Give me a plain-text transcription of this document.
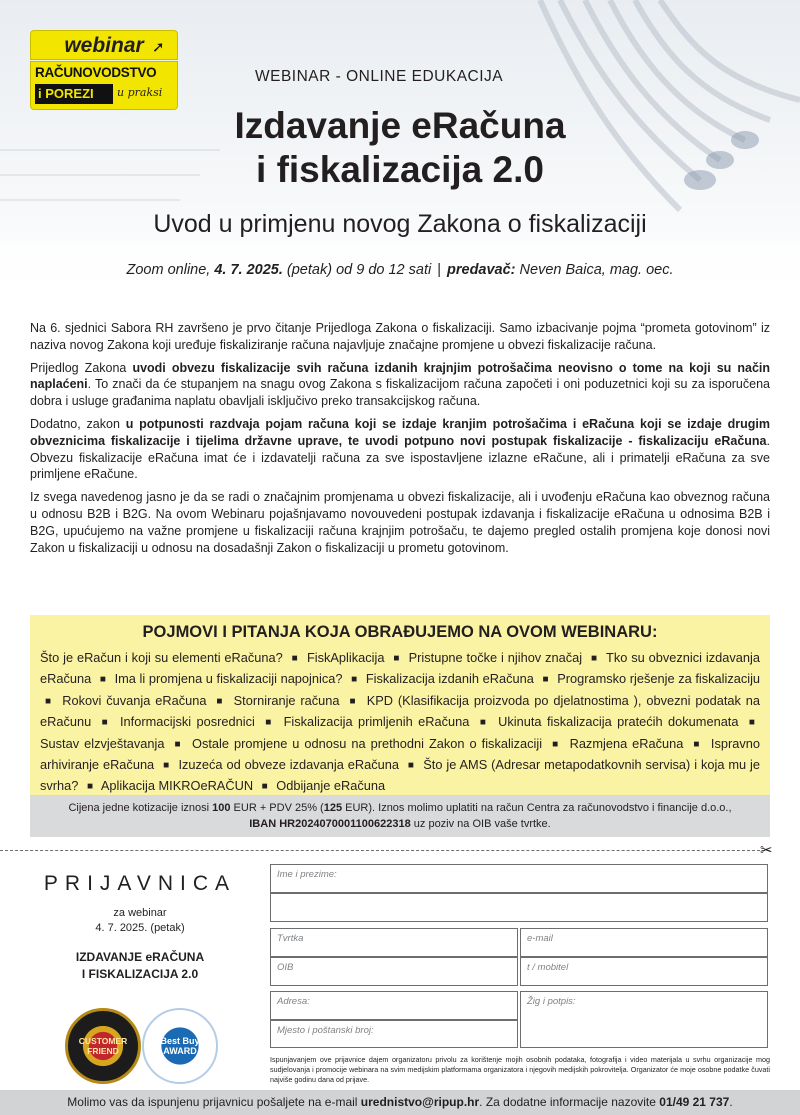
webinar ➚
RAČUNOVODSTVO
i POREZI	u praksi
WEBINAR - ONLINE EDUKACIJA
Izdavanje eRačuna
i fiskalizacija 2.0
Uvod u primjenu novog Zakona o fiskalizaciji
Zoom online, 4. 7. 2025. (petak) od 9 do 12 sati | predavač: Neven Baica, mag. oec.

Na 6. sjednici Sabora RH završeno je prvo čitanje Prijedloga Zakona o fiskalizaciji. Samo izbacivanje pojma “prometa gotovinom” iz naziva novog Zakona koji uređuje fiskaliziranje računa najavljuje značajne promjene u obvezi fiskalizacije računa.

Prijedlog Zakona uvodi obvezu fiskalizacije svih računa izdanih krajnjim potrošačima neovisno o tome na koji su način naplaćeni. To znači da će stupanjem na snagu ovog Zakona s fiskalizacijom računa započeti i oni poduzetnici koji su za isporučena dobra i usluge građanima naplatu obavljali isključivo preko transakcijskog računa.

Dodatno, zakon u potpunosti razdvaja pojam računa koji se izdaje kranjim potrošačima i eRačuna koji se izdaje drugim obveznicima fiskalizacije i tijelima državne uprave, te uvodi potpuno novi postupak fiskalizacije - fiskalizaciju eRačuna. Obvezu fiskalizacije eRačuna imat će i izdavatelji računa za sve ispostavljene izlazne eRačune, ali i primatelji eRačuna za sve primljene eRačune.

Iz svega navedenog jasno je da se radi o značajnim promjenama u obvezi fiskalizacije, ali i uvođenju eRačuna kao obveznog računa u odnosu B2B i B2G. Na ovom Webinaru pojašnjavamo novouvedeni postupak izdavanja i fiskalizacije eRačuna u odnosima B2B i B2G, upućujemo na važne promjene u fiskalizaciji računa krajnjim potrošaču, te dajemo pregled ostalih promjena koje donosi novi Zakon u fiskalizaciji u odnosu na dosadašnji Zakon o fiskalizaciji u prometu gotovinom.

POJMOVI I PITANJA KOJA OBRAĐUJEMO NA OVOM WEBINARU:
Što je eRačun i koji su elementi eRačuna? ■ FiskAplikacija ■ Pristupne točke i njihov značaj ■ Tko su obveznici izdavanja eRačuna ■ Ima li promjena u fiskalizaciji napojnica? ■ Fiskalizacija izdanih eRačuna ■ Programsko rješenje za fiskalizaciju ■ Rokovi čuvanja eRačuna ■ Storniranje računa ■ KPD (Klasifikacija proizvoda po djelatnostima ), obvezni podatak na eRačunu ■ Informacijski posrednici ■ Fiskalizacija primljenih eRačuna ■ Ukinuta fiskalizacija pratećih dokumenata ■ Sustav elzvještavanja ■ Ostale promjene u odnosu na prethodni Zakon o fiskalizaciji ■ Razmjena eRačuna ■ Ispravno arhiviranje eRačuna ■ Izuzeća od obveze izdavanja eRačuna ■ Što je AMS (Adresar metapodatkovnih servisa) i koja mu je svrha? ■ Aplikacija MIKROeRAČUN ■ Odbijanje eRačuna
Cijena jedne kotizacije iznosi 100 EUR + PDV 25% (125 EUR). Iznos molimo uplatiti na račun Centra za računovodstvo i financije d.o.o.,
IBAN HR2024070001100622318 uz poziv na OIB vaše tvrtke.
✂
PRIJAVNICA
za webinar
4. 7. 2025. (petak)
IZDAVANJE eRAČUNA
I FISKALIZACIJA 2.0
CUSTOMER FRIEND
Best Buy AWARD
Ime i prezime:
Tvrtka	e-mail
OIB	t / mobitel
Adresa:	Žig i potpis:
Mjesto i poštanski broj:
Ispunjavanjem ove prijavnice dajem organizatoru privolu za korištenje mojih osobnih podataka, fotografija i video materijala u svrhu organizacije mog sudjelovanja i promocije webinara na svim medijskim platformama organizatora i njegovih medijskih pokrovitelja. Organizator će moje osobne podatke čuvati najviše godinu dana od prijave.
Molimo vas da ispunjenu prijavnicu pošaljete na e-mail urednistvo@ripup.hr. Za dodatne informacije nazovite 01/49 21 737.
